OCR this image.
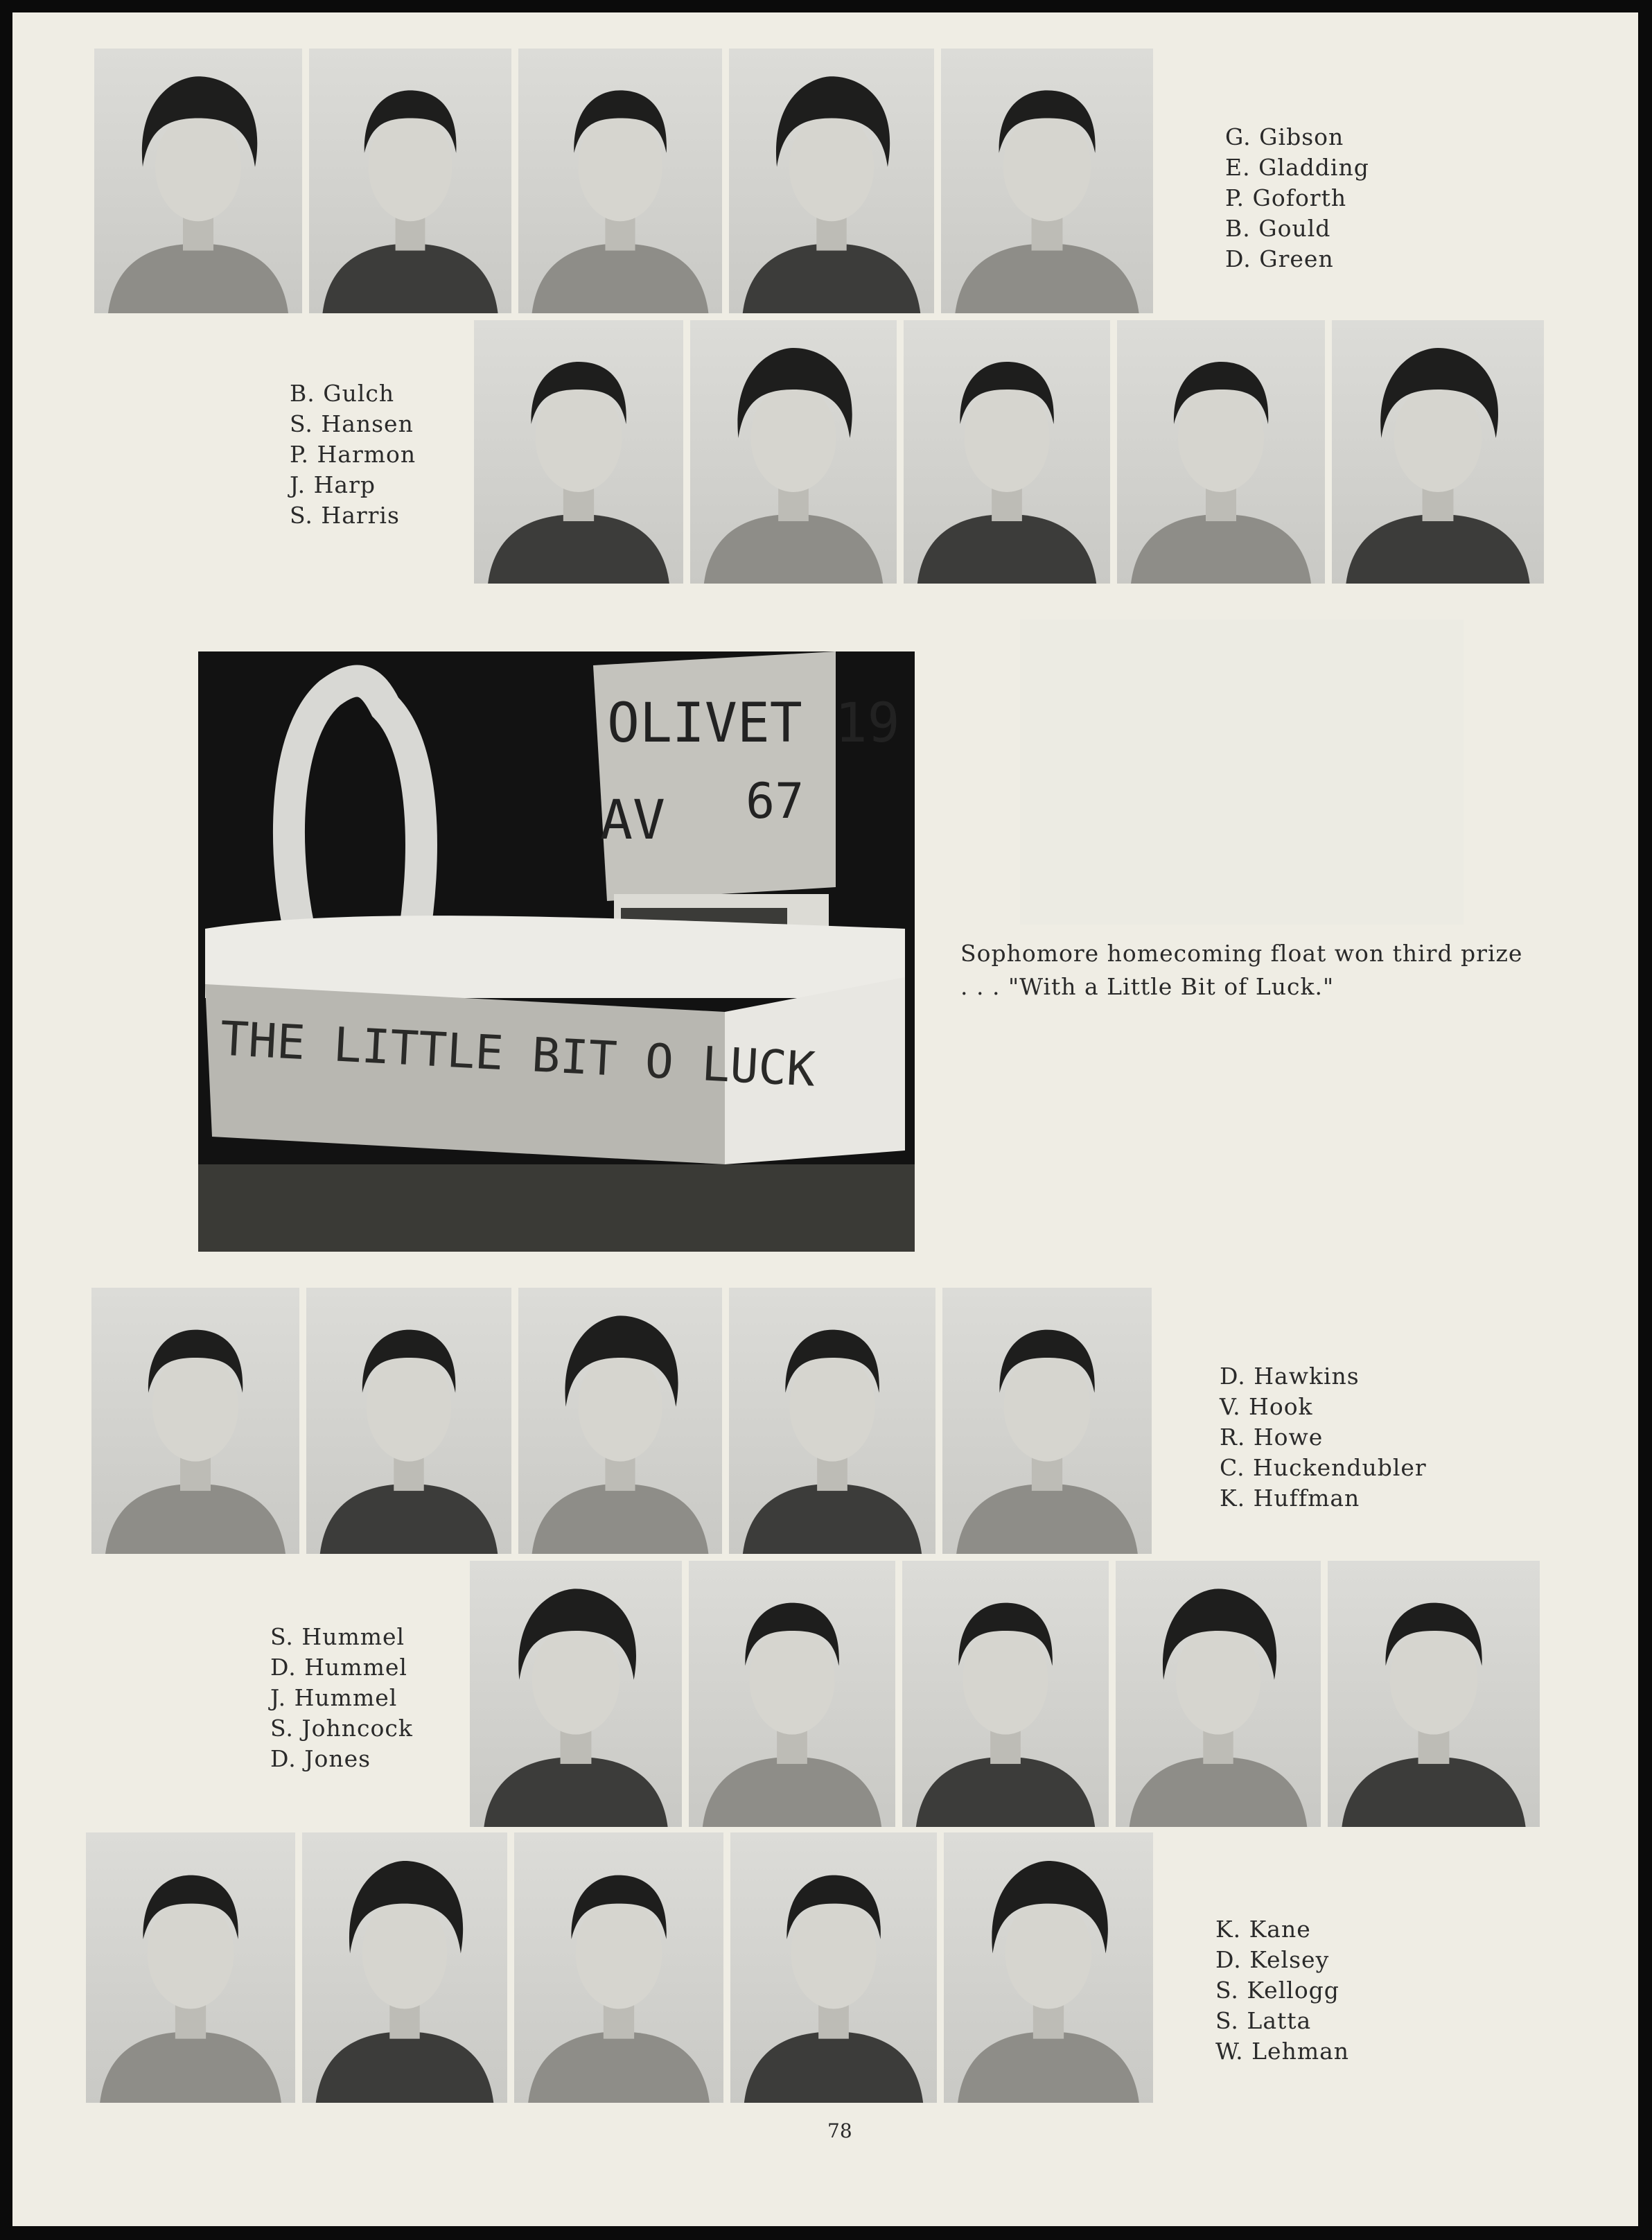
G. Gibson
E. Gladding
P. Goforth
B. Gould
D. Green
B. Gulch
S. Hansen
P. Harmon
J. Harp
S. Harris
OLIVET 19
AV 67
THE LITTLE BIT O LUCK
Sophomore homecoming float won third prize
. . . "With a Little Bit of Luck."
D. Hawkins
V. Hook
R. Howe
C. Huckendubler
K. Huffman
S. Hummel
D. Hummel
J. Hummel
S. Johncock
D. Jones
K. Kane
D. Kelsey
S. Kellogg
S. Latta
W. Lehman
78
